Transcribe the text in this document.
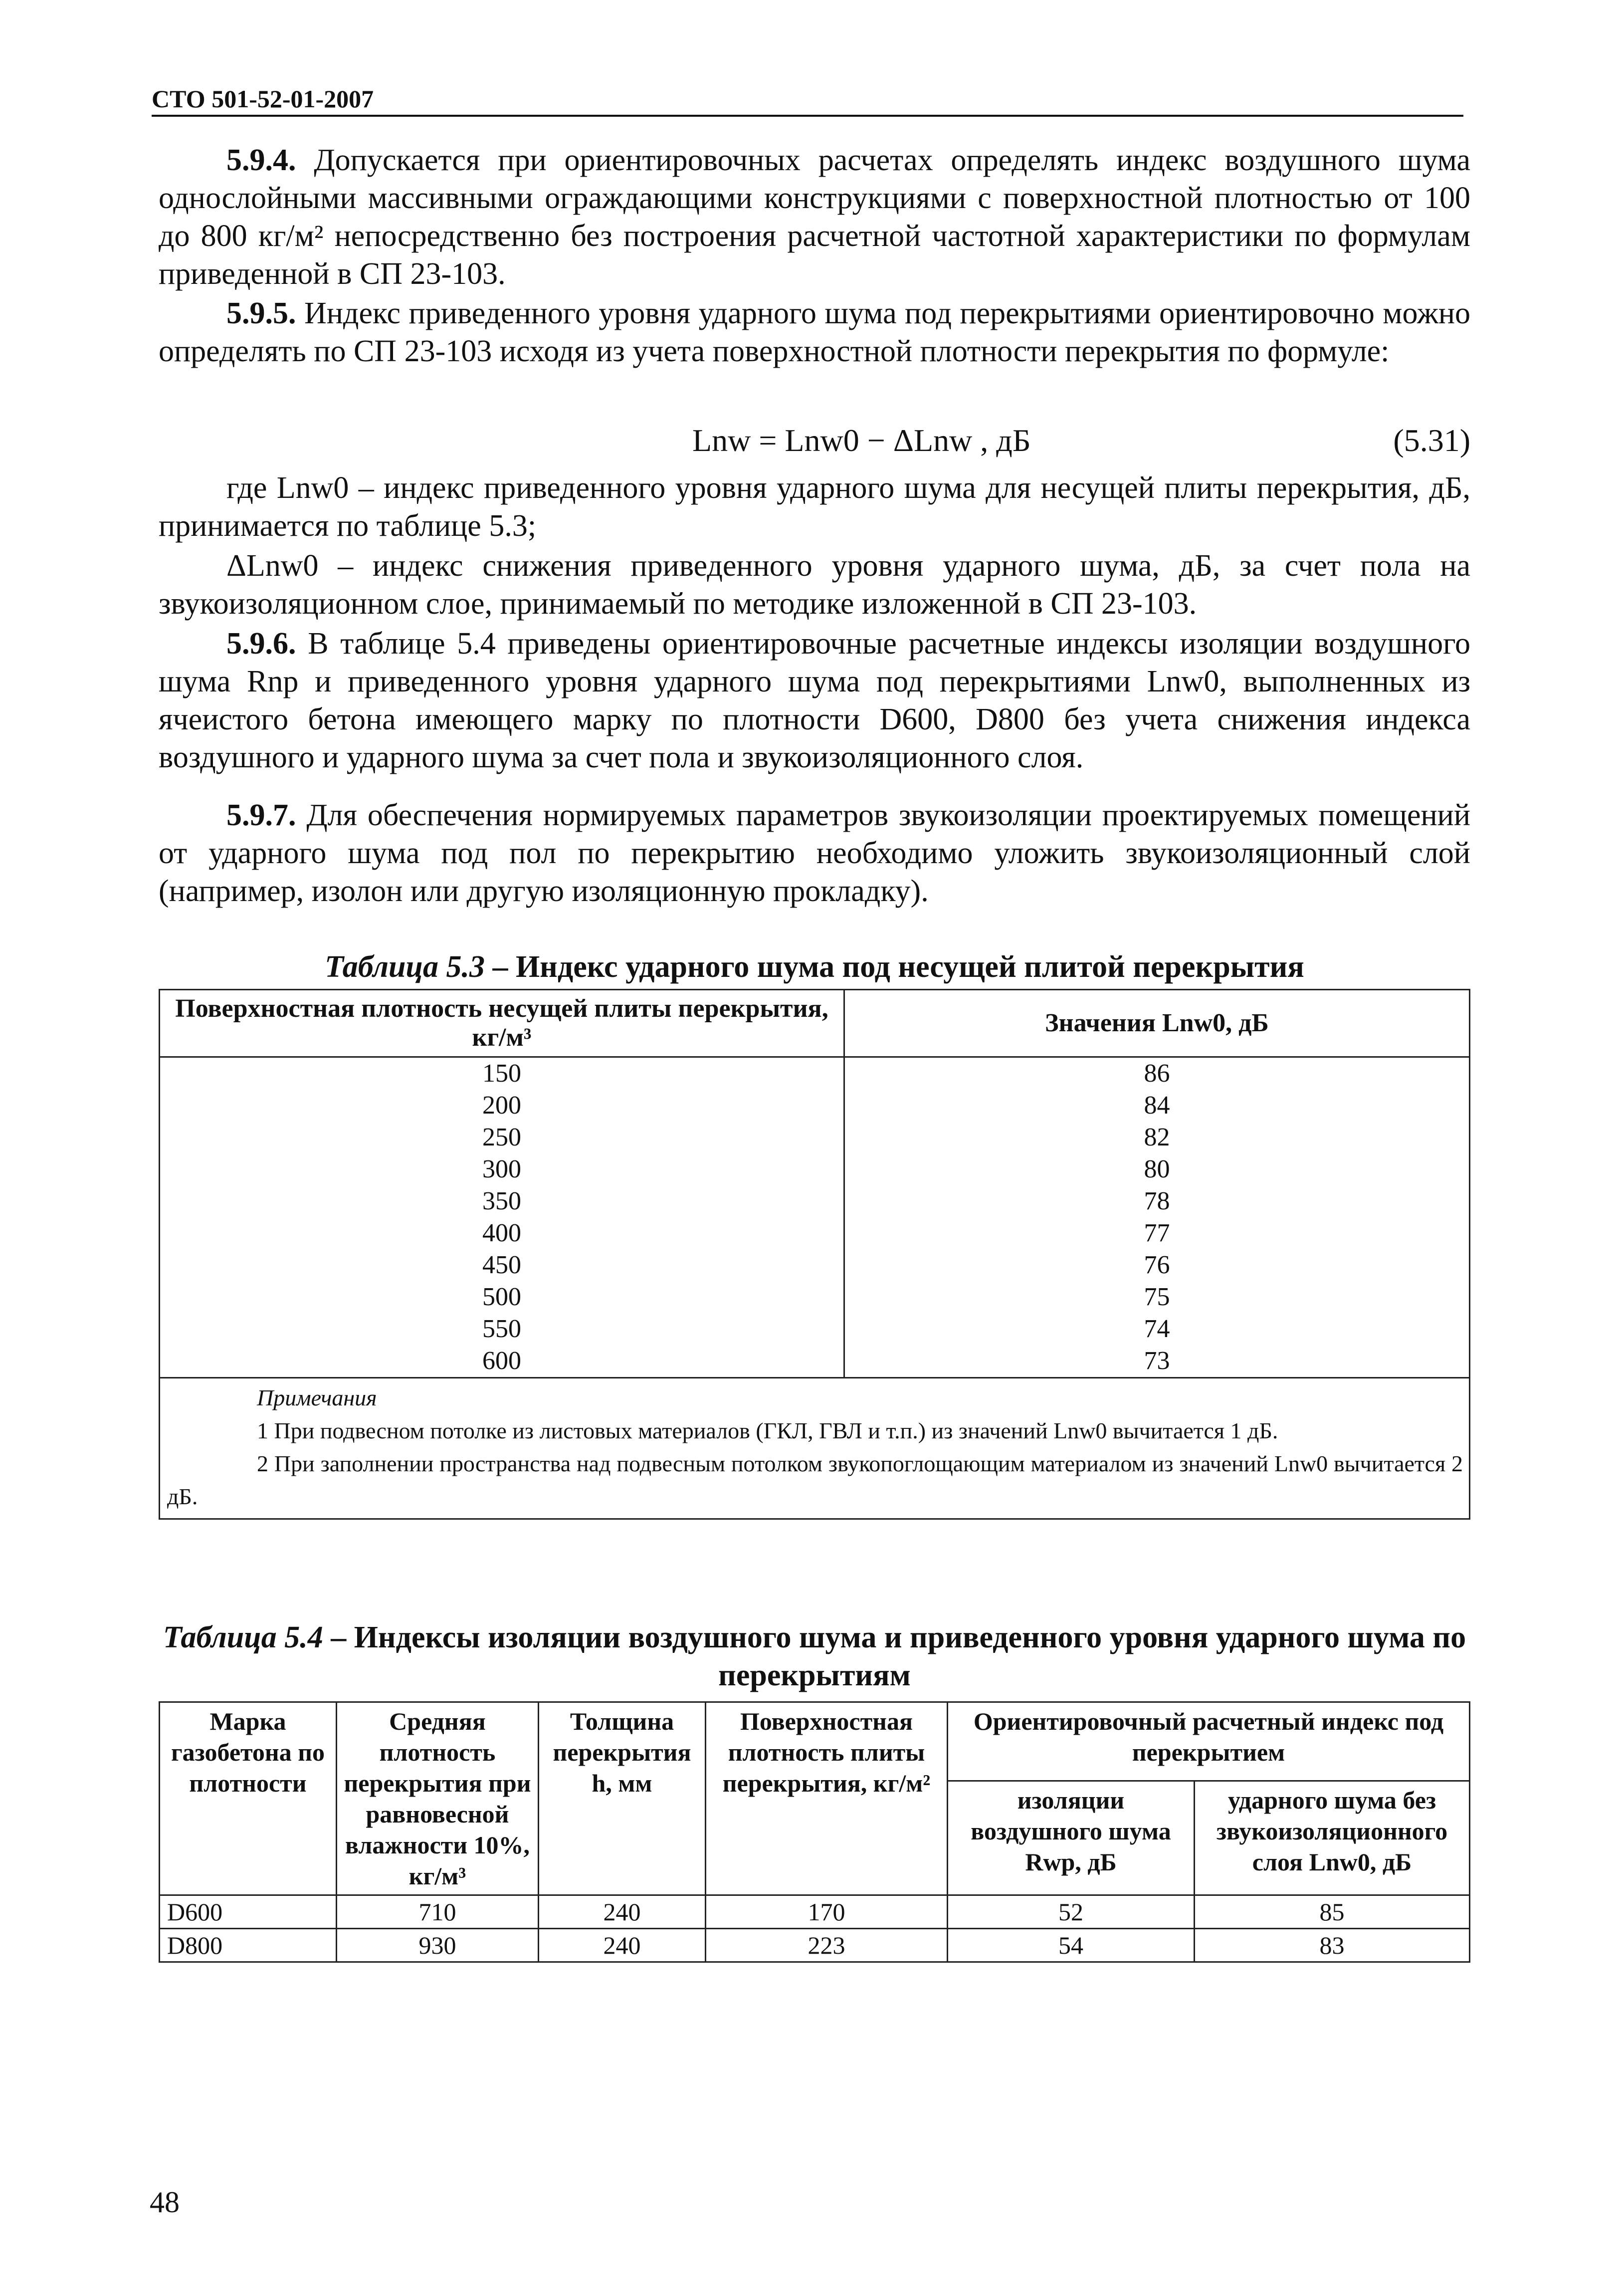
СТО 501-52-01-2007
5.9.4. Допускается при ориентировочных расчетах определять индекс воздушного шума однослойными массивными ограждающими конструкциями с поверхностной плотностью от 100 до 800 кг/м² непосредственно без построения расчетной частотной характеристики по формулам приведенной в СП 23-103.
5.9.5. Индекс приведенного уровня ударного шума под перекрытиями ориентировочно можно определять по СП 23-103 исходя из учета поверхностной плотности перекрытия по формуле:
Lnw = Lnw0 − ΔLnw , дБ	(5.31)
где Lnw0 – индекс приведенного уровня ударного шума для несущей плиты перекрытия, дБ, принимается по таблице 5.3;
ΔLnw0 – индекс снижения приведенного уровня ударного шума, дБ, за счет пола на звукоизоляционном слое, принимаемый по методике изложенной в СП 23-103.
5.9.6. В таблице 5.4 приведены ориентировочные расчетные индексы изоляции воздушного шума Rnр и приведенного уровня ударного шума под перекрытиями Lnw0, выполненных из ячеистого бетона имеющего марку по плотности D600, D800 без учета снижения индекса воздушного и ударного шума за счет пола и звукоизоляционного слоя.
5.9.7. Для обеспечения нормируемых параметров звукоизоляции проектируемых помещений от ударного шума под пол по перекрытию необходимо уложить звукоизоляционный слой (например, изолон или другую изоляционную прокладку).
Таблица 5.3 – Индекс ударного шума под несущей плитой перекрытия
Поверхностная плотность несущей плиты перекрытия, кг/м³	Значения Lnw0, дБ
150	86
200	84
250	82
300	80
350	78
400	77
450	76
500	75
550	74
600	73

Примечания
1 При подвесном потолке из листовых материалов (ГКЛ, ГВЛ и т.п.) из значений Lnw0 вычитается 1 дБ.
2 При заполнении пространства над подвесным потолком звукопоглощающим материалом из значений Lnw0 вычитается 2 дБ.	
Таблица 5.4 – Индексы изоляции воздушного шума и приведенного уровня ударного шума по перекрытиям
Марка газобетона по плотности	Средняя плотность перекрытия при равновесной влажности 10%, кг/м³	Толщина перекрытия h, мм	Поверхностная плотность плиты перекрытия, кг/м²	Ориентировочный расчетный индекс под перекрытием	
				изоляции воздушного шума Rwр, дБ	ударного шума без звукоизоляционного слоя Lnw0, дБ
D600	710	240	170	52	85
D800	930	240	223	54	83
48
